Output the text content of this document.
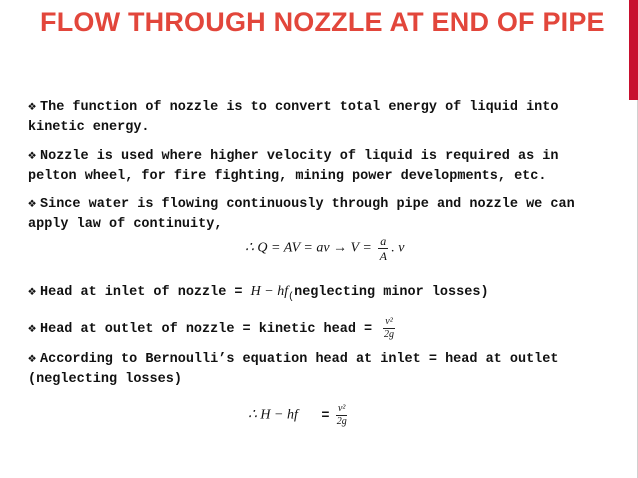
FLOW THROUGH NOZZLE AT END OF PIPE
❖ The function of nozzle is to convert total energy of liquid into kinetic energy.
❖ Nozzle is used where higher velocity of liquid is required as in pelton wheel, for fire fighting, mining power developments, etc.
❖ Since water is flowing continuously through pipe and nozzle we can apply law of continuity,
∴ Q = AV = av → $V = \frac{a}{A}$ . v
❖ Head at inlet of nozzle = $H - hf_(neglecting$ minor losses)
❖ Head at outlet of nozzle = kinetic head = $\frac{\text{v²}}{2g}$
❖ According to Bernoulli’s equation head at inlet = head at outlet (neglecting losses)
∴ H − hf = $\frac{\text{v²}}{2g}$
